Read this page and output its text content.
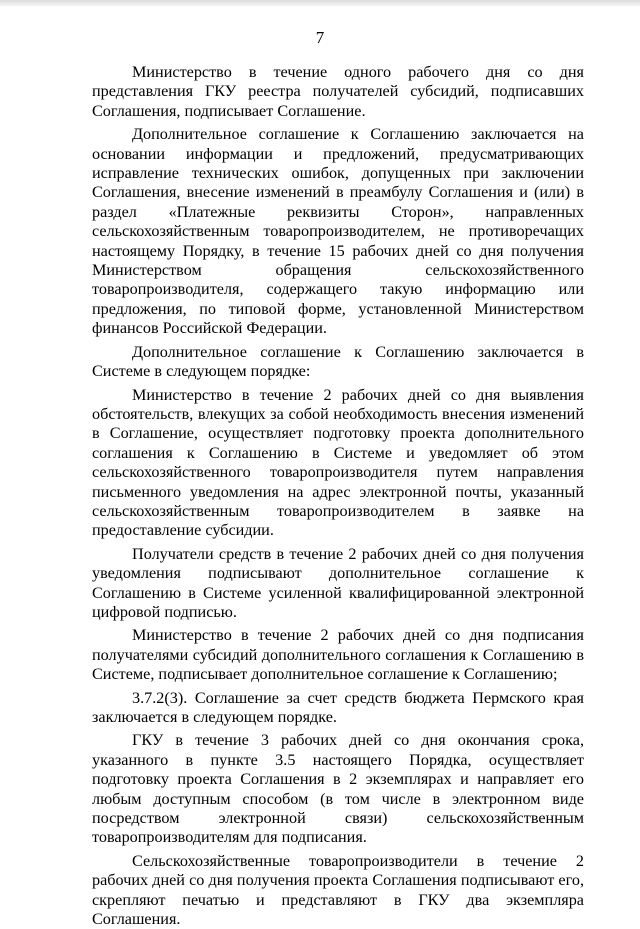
7

Министерство в течение одного рабочего дня со дня представления ГКУ реестра получателей субсидий, подписавших Соглашения, подписывает Соглашение.

Дополнительное соглашение к Соглашению заключается на основании информации и предложений, предусматривающих исправление технических ошибок, допущенных при заключении Соглашения, внесение изменений в преамбулу Соглашения и (или) в раздел «Платежные реквизиты Сторон», направленных сельскохозяйственным товаропроизводителем, не противоречащих настоящему Порядку, в течение 15 рабочих дней со дня получения Министерством обращения сельскохозяйственного товаропроизводителя, содержащего такую информацию или предложения, по типовой форме, установленной Министерством финансов Российской Федерации.

Дополнительное соглашение к Соглашению заключается в Системе в следующем порядке:

Министерство в течение 2 рабочих дней со дня выявления обстоятельств, влекущих за собой необходимость внесения изменений в Соглашение, осуществляет подготовку проекта дополнительного соглашения к Соглашению в Системе и уведомляет об этом сельскохозяйственного товаропроизводителя путем направления письменного уведомления на адрес электронной почты, указанный сельскохозяйственным товаропроизводителем в заявке на предоставление субсидии.

Получатели средств в течение 2 рабочих дней со дня получения уведомления подписывают дополнительное соглашение к Соглашению в Системе усиленной квалифицированной электронной цифровой подписью.

Министерство в течение 2 рабочих дней со дня подписания получателями субсидий дополнительного соглашения к Соглашению в Системе, подписывает дополнительное соглашение к Соглашению;

3.7.2(3). Соглашение за счет средств бюджета Пермского края заключается в следующем порядке.

ГКУ в течение 3 рабочих дней со дня окончания срока, указанного в пункте 3.5 настоящего Порядка, осуществляет подготовку проекта Соглашения в 2 экземплярах и направляет его любым доступным способом (в том числе в электронном виде посредством электронной связи) сельскохозяйственным товаропроизводителям для подписания.

Сельскохозяйственные товаропроизводители в течение 2 рабочих дней со дня получения проекта Соглашения подписывают его, скрепляют печатью и представляют в ГКУ два экземпляра Соглашения.
